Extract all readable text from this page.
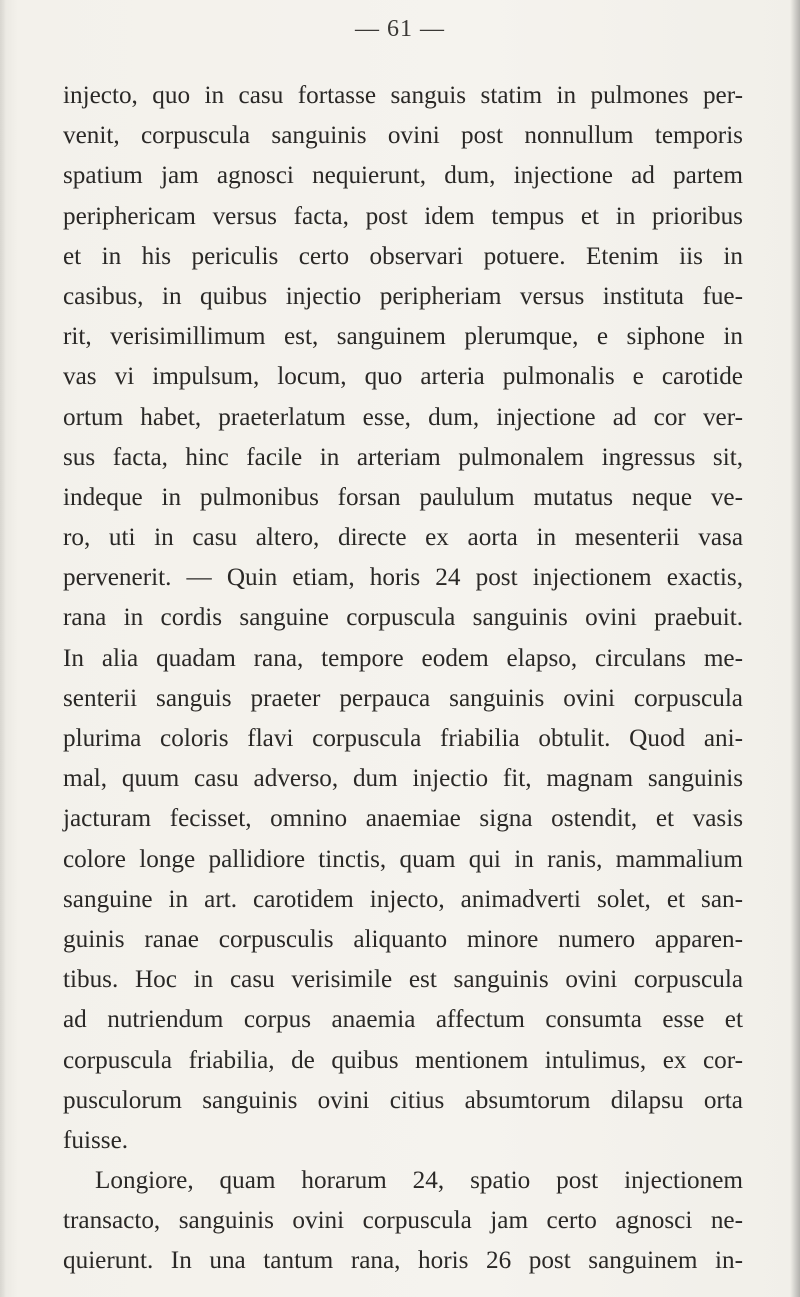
— 61 —
injecto, quo in casu fortasse sanguis statim in pulmones per-
venit, corpuscula sanguinis ovini post nonnullum temporis
spatium jam agnosci nequierunt, dum, injectione ad partem
periphericam versus facta, post idem tempus et in prioribus
et in his periculis certo observari potuere. Etenim iis in
casibus, in quibus injectio peripheriam versus instituta fue-
rit, verisimillimum est, sanguinem plerumque, e siphone in
vas vi impulsum, locum, quo arteria pulmonalis e carotide
ortum habet, praeterlatum esse, dum, injectione ad cor ver-
sus facta, hinc facile in arteriam pulmonalem ingressus sit,
indeque in pulmonibus forsan paululum mutatus neque ve-
ro, uti in casu altero, directe ex aorta in mesenterii vasa
pervenerit. — Quin etiam, horis 24 post injectionem exactis,
rana in cordis sanguine corpuscula sanguinis ovini praebuit.
In alia quadam rana, tempore eodem elapso, circulans me-
senterii sanguis praeter perpauca sanguinis ovini corpuscula
plurima coloris flavi corpuscula friabilia obtulit. Quod ani-
mal, quum casu adverso, dum injectio fit, magnam sanguinis
jacturam fecisset, omnino anaemiae signa ostendit, et vasis
colore longe pallidiore tinctis, quam qui in ranis, mammalium
sanguine in art. carotidem injecto, animadverti solet, et san-
guinis ranae corpusculis aliquanto minore numero apparen-
tibus. Hoc in casu verisimile est sanguinis ovini corpuscula
ad nutriendum corpus anaemia affectum consumta esse et
corpuscula friabilia, de quibus mentionem intulimus, ex cor-
pusculorum sanguinis ovini citius absumtorum dilapsu orta
fuisse.
Longiore, quam horarum 24, spatio post injectionem
transacto, sanguinis ovini corpuscula jam certo agnosci ne-
quierunt. In una tantum rana, horis 26 post sanguinem in-
